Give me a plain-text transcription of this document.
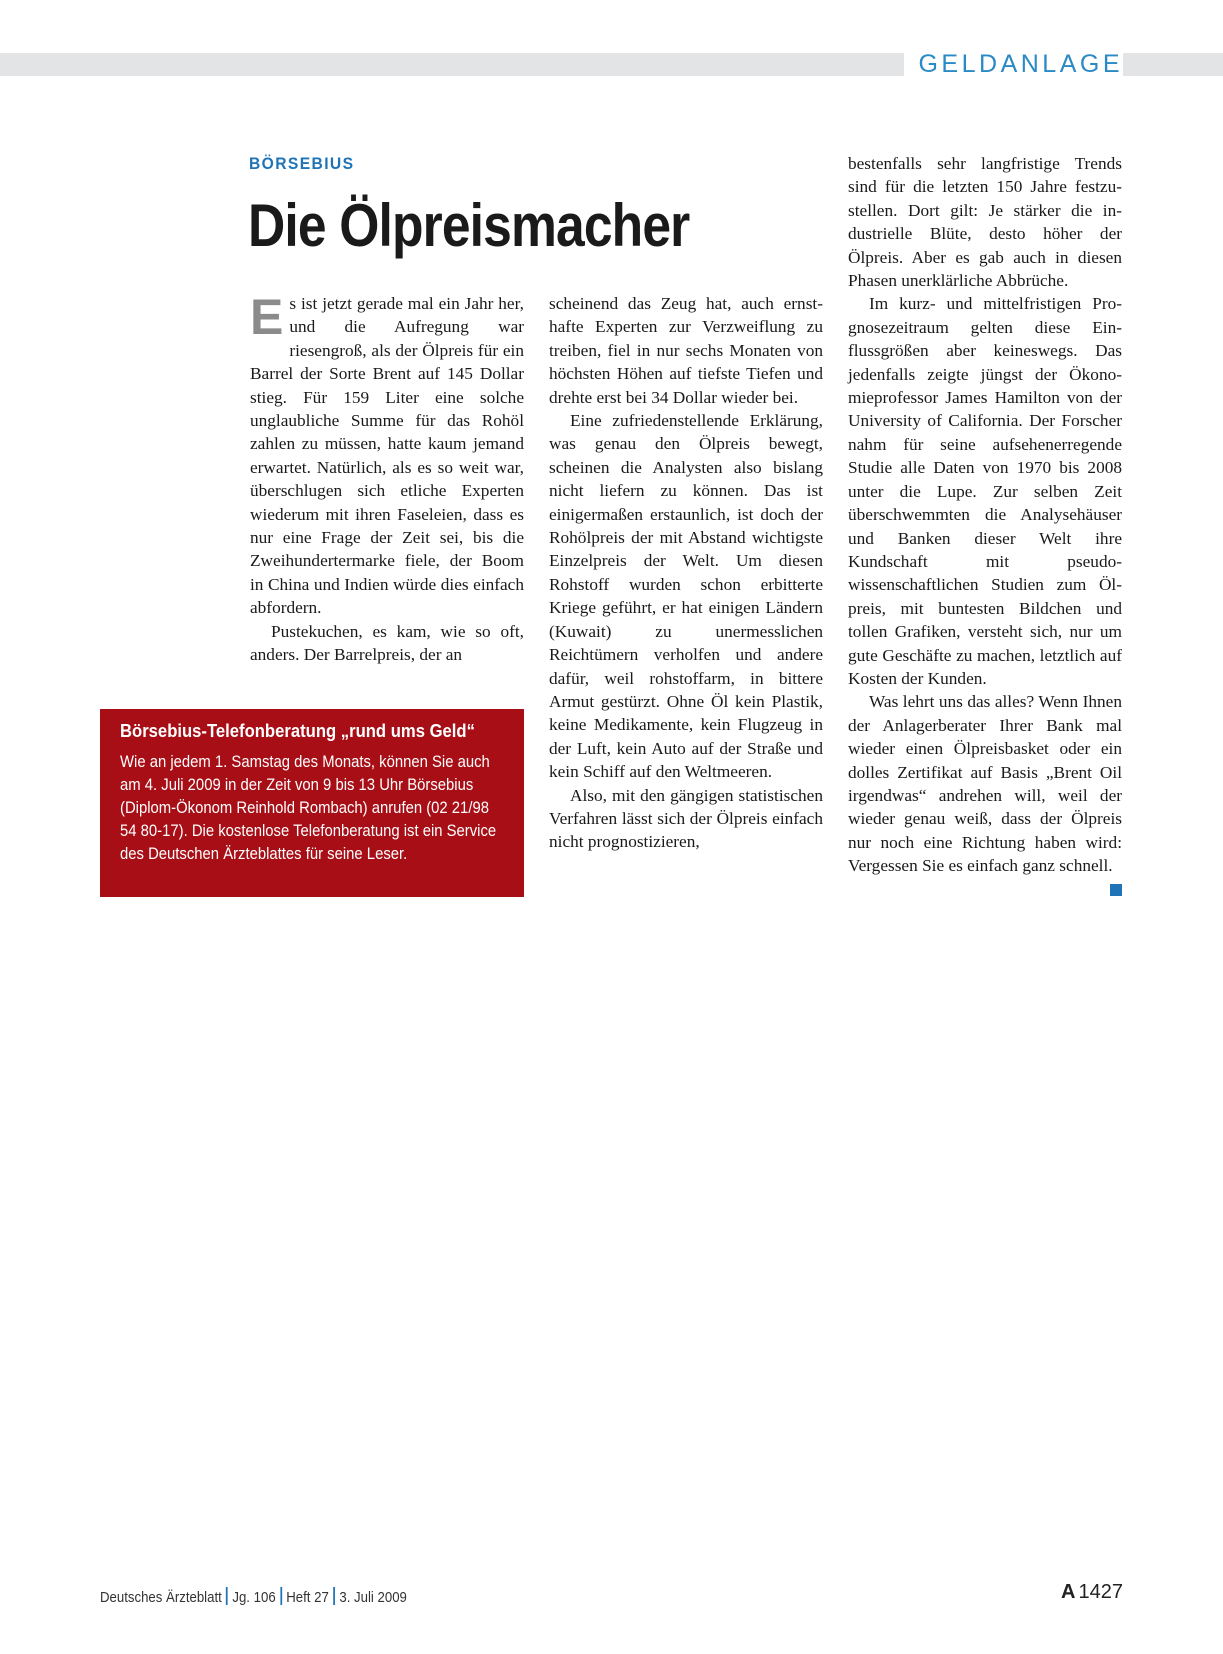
GELDANLAGE
BÖRSEBIUS
Die Ölpreismacher

Es ist jetzt gerade mal ein Jahr her, und die Aufregung war riesengroß, als der Ölpreis für ein Barrel der Sorte Brent auf 145 Dollar stieg. Für 159 Liter eine solche unglaubliche Summe für das Rohöl zahlen zu müssen, hatte kaum jemand erwartet. Natürlich, als es so weit war, überschlugen sich etliche Experten wiederum mit ihren Faseleien, dass es nur eine Frage der Zeit sei, bis die Zweihundertermarke fiele, der Boom in China und Indien würde dies einfach abfordern.

Pustekuchen, es kam, wie so oft, anders. Der Barrelpreis, der an

scheinend das Zeug hat, auch ernsthafte Experten zur Verzweiflung zu treiben, fiel in nur sechs Monaten von höchsten Höhen auf tiefste Tiefen und drehte erst bei 34 Dollar wieder bei.

Eine zufriedenstellende Erklärung, was genau den Ölpreis bewegt, scheinen die Analysten also bislang nicht liefern zu können. Das ist einigermaßen erstaunlich, ist doch der Rohölpreis der mit Abstand wichtigste Einzelpreis der Welt. Um diesen Rohstoff wurden schon erbitterte Kriege geführt, er hat einigen Ländern (Kuwait) zu unermesslichen Reichtümern verholfen und andere dafür, weil rohstoffarm, in bittere Armut gestürzt. Ohne Öl kein Plastik, keine Medikamente, kein Flugzeug in der Luft, kein Auto auf der Straße und kein Schiff auf den Weltmeeren.

Also, mit den gängigen statistischen Verfahren lässt sich der Ölpreis einfach nicht prognostizieren,

bestenfalls sehr langfristige Trends sind für die letzten 150 Jahre festzustellen. Dort gilt: Je stärker die industrielle Blüte, desto höher der Ölpreis. Aber es gab auch in diesen Phasen unerklärliche Abbrüche.

Im kurz- und mittelfristigen Prognosezeitraum gelten diese Einflussgrößen aber keineswegs. Das jedenfalls zeigte jüngst der Ökonomieprofessor James Hamilton von der University of California. Der Forscher nahm für seine aufsehenerregende Studie alle Daten von 1970 bis 2008 unter die Lupe. Zur selben Zeit überschwemmten die Analysehäuser und Banken dieser Welt ihre Kundschaft mit pseudowissenschaftlichen Studien zum Ölpreis, mit buntesten Bildchen und tollen Grafiken, versteht sich, nur um gute Geschäfte zu machen, letztlich auf Kosten der Kunden.

Was lehrt uns das alles? Wenn Ihnen der Anlagerberater Ihrer Bank mal wieder einen Ölpreisbasket oder ein dolles Zertifikat auf Basis „Brent Oil irgendwas“ andrehen will, weil der wieder genau weiß, dass der Ölpreis nur noch eine Richtung haben wird: Vergessen Sie es einfach ganz schnell.

Börsebius-Telefonberatung „rund ums Geld“
Wie an jedem 1. Samstag des Monats, können Sie auch am 4. Juli 2009 in der Zeit von 9 bis 13 Uhr Börsebius (Diplom-Ökonom Reinhold Rombach) anrufen (02 21/98 54 80-17). Die kostenlose Telefonberatung ist ein Service des Deutschen Ärzteblattes für seine Leser.
Deutsches Ärzteblatt Jg. 106 Heft 27 3. Juli 2009	A 1427
